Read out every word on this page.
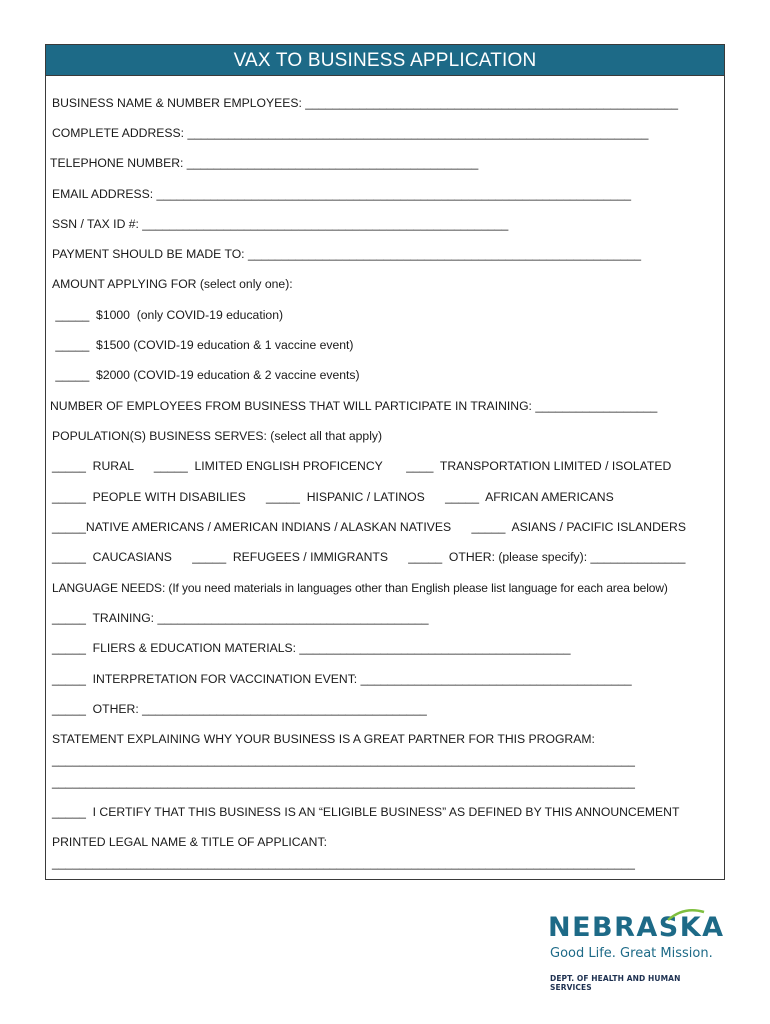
VAX TO BUSINESS APPLICATION
BUSINESS NAME & NUMBER EMPLOYEES: _______________________________________________________
COMPLETE ADDRESS: ____________________________________________________________________
TELEPHONE NUMBER: ___________________________________________
EMAIL ADDRESS: ______________________________________________________________________
SSN / TAX ID #: ______________________________________________________
PAYMENT SHOULD BE MADE TO: __________________________________________________________
AMOUNT APPLYING FOR (select only one):
_____  $1000  (only COVID-19 education)
_____  $1500 (COVID-19 education & 1 vaccine event)
_____  $2000 (COVID-19 education & 2 vaccine events)
NUMBER OF EMPLOYEES FROM BUSINESS THAT WILL PARTICIPATE IN TRAINING: __________________
POPULATION(S) BUSINESS SERVES: (select all that apply)
_____  RURAL      _____  LIMITED ENGLISH PROFICENCY       ____  TRANSPORTATION LIMITED / ISOLATED
_____  PEOPLE WITH DISABILIES      _____  HISPANIC / LATINOS      _____  AFRICAN AMERICANS
_____NATIVE AMERICANS / AMERICAN INDIANS / ALASKAN NATIVES      _____  ASIANS / PACIFIC ISLANDERS
_____  CAUCASIANS      _____  REFUGEES / IMMIGRANTS      _____  OTHER: (please specify): ______________
LANGUAGE NEEDS: (If you need materials in languages other than English please list language for each area below)
_____  TRAINING: ________________________________________
_____  FLIERS & EDUCATION MATERIALS: ________________________________________
_____  INTERPRETATION FOR VACCINATION EVENT: ________________________________________
_____  OTHER: __________________________________________
STATEMENT EXPLAINING WHY YOUR BUSINESS IS A GREAT PARTNER FOR THIS PROGRAM:
______________________________________________________________________________________
______________________________________________________________________________________
_____  I CERTIFY THAT THIS BUSINESS IS AN “ELIGIBLE BUSINESS” AS DEFINED BY THIS ANNOUNCEMENT
PRINTED LEGAL NAME & TITLE OF APPLICANT:
______________________________________________________________________________________
NEBRASKA
Good Life. Great Mission.
DEPT. OF HEALTH AND HUMAN SERVICES
